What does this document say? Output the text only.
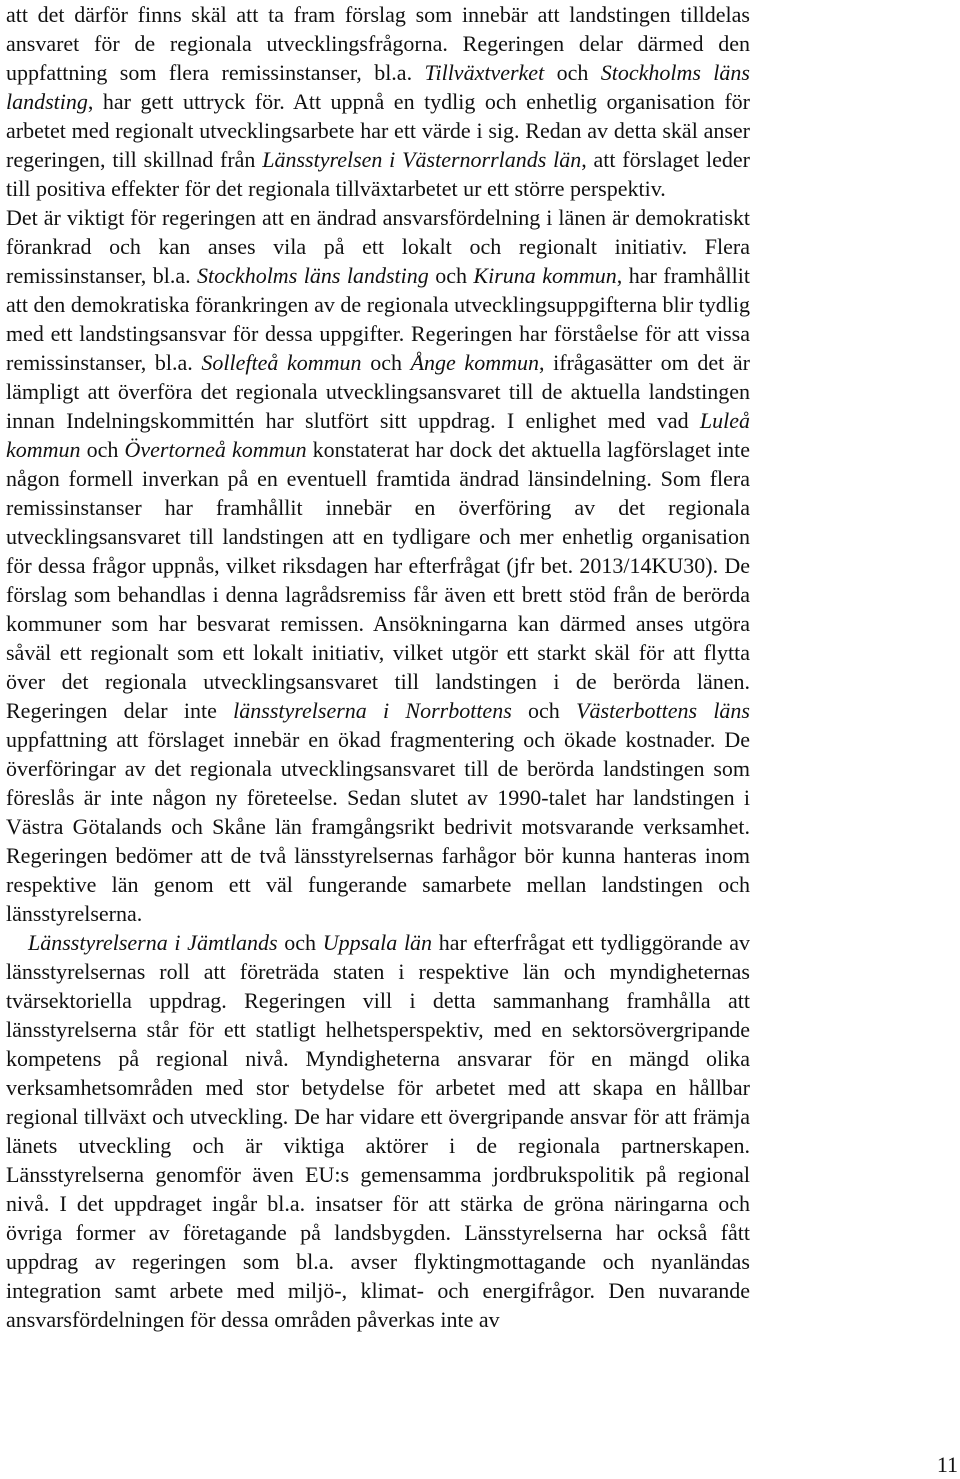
att det därför finns skäl att ta fram förslag som innebär att landstingen tilldelas ansvaret för de regionala utvecklingsfrågorna. Regeringen delar därmed den uppfattning som flera remissinstanser, bl.a. Tillväxtverket och Stockholms läns landsting, har gett uttryck för. Att uppnå en tydlig och enhetlig organisation för arbetet med regionalt utvecklingsarbete har ett värde i sig. Redan av detta skäl anser regeringen, till skillnad från Länsstyrelsen i Västernorrlands län, att förslaget leder till positiva effekter för det regionala tillväxtarbetet ur ett större perspektiv.

Det är viktigt för regeringen att en ändrad ansvarsfördelning i länen är demokratiskt förankrad och kan anses vila på ett lokalt och regionalt initiativ. Flera remissinstanser, bl.a. Stockholms läns landsting och Kiruna kommun, har framhållit att den demokratiska förankringen av de regionala utvecklingsuppgifterna blir tydlig med ett landstingsansvar för dessa uppgifter. Regeringen har förståelse för att vissa remissinstanser, bl.a. Sollefteå kommun och Ånge kommun, ifrågasätter om det är lämpligt att överföra det regionala utvecklingsansvaret till de aktuella landstingen innan Indelningskommittén har slutfört sitt uppdrag. I enlighet med vad Luleå kommun och Övertorneå kommun konstaterat har dock det aktuella lagförslaget inte någon formell inverkan på en eventuell framtida ändrad länsindelning. Som flera remissinstanser har framhållit innebär en överföring av det regionala utvecklingsansvaret till landstingen att en tydligare och mer enhetlig organisation för dessa frågor uppnås, vilket riksdagen har efterfrågat (jfr bet. 2013/14KU30). De förslag som behandlas i denna lagrådsremiss får även ett brett stöd från de berörda kommuner som har besvarat remissen. Ansökningarna kan därmed anses utgöra såväl ett regionalt som ett lokalt initiativ, vilket utgör ett starkt skäl för att flytta över det regionala utvecklingsansvaret till landstingen i de berörda länen. Regeringen delar inte länsstyrelserna i Norrbottens och Västerbottens läns uppfattning att förslaget innebär en ökad fragmentering och ökade kostnader. De överföringar av det regionala utvecklingsansvaret till de berörda landstingen som föreslås är inte någon ny företeelse. Sedan slutet av 1990-talet har landstingen i Västra Götalands och Skåne län framgångsrikt bedrivit motsvarande verksamhet. Regeringen bedömer att de två länsstyrelsernas farhågor bör kunna hanteras inom respektive län genom ett väl fungerande samarbete mellan landstingen och länsstyrelserna.

Länsstyrelserna i Jämtlands och Uppsala län har efterfrågat ett tydliggörande av länsstyrelsernas roll att företräda staten i respektive län och myndigheternas tvärsektoriella uppdrag. Regeringen vill i detta sammanhang framhålla att länsstyrelserna står för ett statligt helhetsperspektiv, med en sektorsövergripande kompetens på regional nivå. Myndigheterna ansvarar för en mängd olika verksamhetsområden med stor betydelse för arbetet med att skapa en hållbar regional tillväxt och utveckling. De har vidare ett övergripande ansvar för att främja länets utveckling och är viktiga aktörer i de regionala partnerskapen. Länsstyrelserna genomför även EU:s gemensamma jordbrukspolitik på regional nivå. I det uppdraget ingår bl.a. insatser för att stärka de gröna näringarna och övriga former av företagande på landsbygden. Länsstyrelserna har också fått uppdrag av regeringen som bl.a. avser flyktingmottagande och nyanländas integration samt arbete med miljö-, klimat- och energifrågor. Den nuvarande ansvarsfördelningen för dessa områden påverkas inte av

11
